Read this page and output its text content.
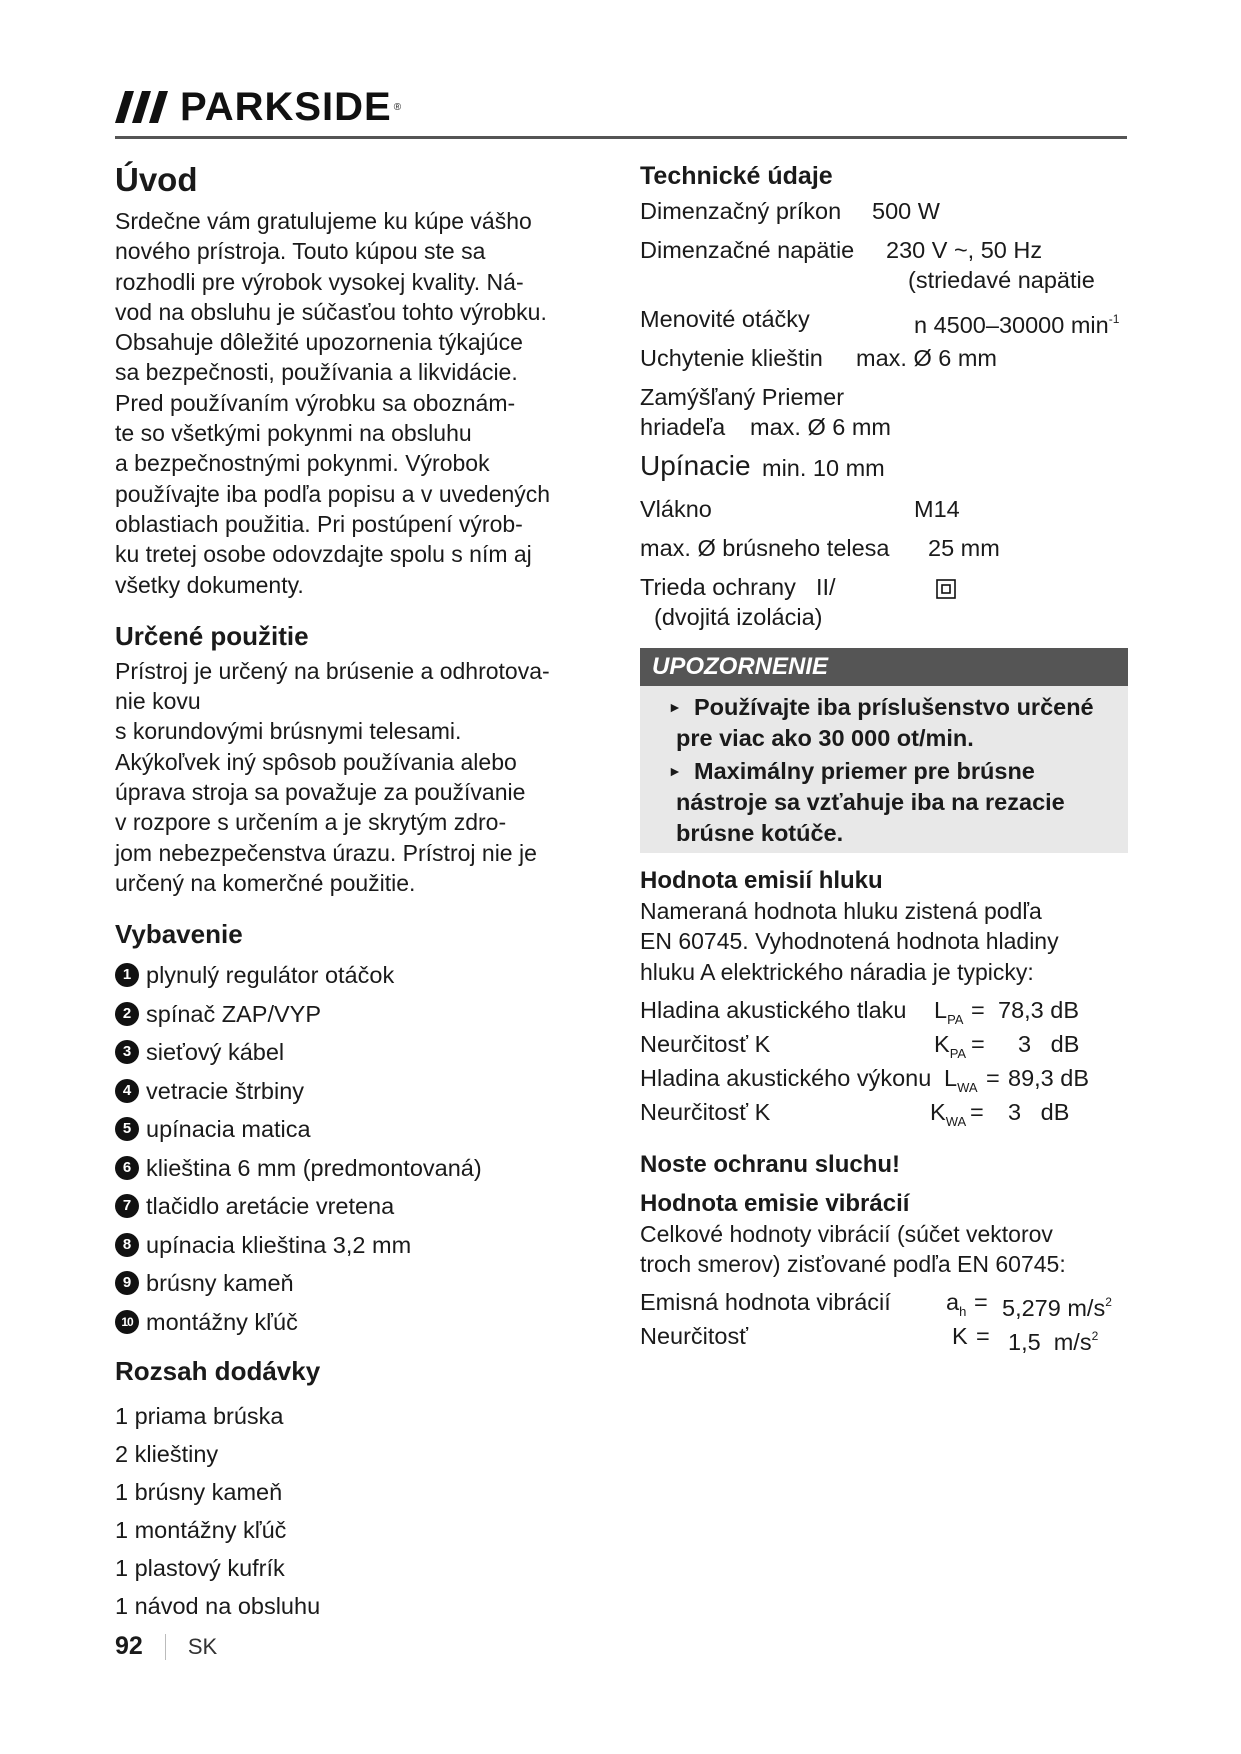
PARKSIDE ®
Úvod
Srdečne vám gratulujeme ku kúpe vášho
nového prístroja. Touto kúpou ste sa
rozhodli pre výrobok vysokej kvality. Ná-
vod na obsluhu je súčasťou tohto výrobku.
Obsahuje dôležité upozornenia týkajúce
sa bezpečnosti, používania a likvidácie.
Pred používaním výrobku sa oboznám-
te so všetkými pokynmi na obsluhu
a bezpečnostnými pokynmi. Výrobok
používajte iba podľa popisu a v uvedených
oblastiach použitia. Pri postúpení výrob-
ku tretej osobe odovzdajte spolu s ním aj
všetky dokumenty.
Určené použitie
Prístroj je určený na brúsenie a odhrotova-
nie kovu
s korundovými brúsnymi telesami.
Akýkoľvek iný spôsob používania alebo
úprava stroja sa považuje za používanie
v rozpore s určením a je skrytým zdro-
jom nebezpečenstva úrazu. Prístroj nie je
určený na komerčné použitie.
Vybavenie
1 plynulý regulátor otáčok
2 spínač ZAP/VYP
3 sieťový kábel
4 vetracie štrbiny
5 upínacia matica
6 klieština 6 mm (predmontovaná)
7 tlačidlo aretácie vretena
8 upínacia klieština 3,2 mm
9 brúsny kameň
10 montážny kľúč
Rozsah dodávky
1 priama brúska
2 klieštiny
1 brúsny kameň
1 montážny kľúč
1 plastový kufrík
1 návod na obsluhu
Technické údaje
Dimenzačný príkon 500 W
Dimenzačné napätie 230 V ~, 50 Hz
(striedavé napätie
Menovité otáčky	n 4500–30000 $\min^{-1}$
Uchytenie klieštin max. Ø 6 mm
Zamýšľaný Priemer
hriadeľa max. Ø 6 mm
Upínacie min. 10 mm
Vlákno	M14
max. Ø brúsneho telesa 25 mm
Trieda ochrany II/
(dvojitá izolácia)
UPOZORNENIE
► Používajte iba príslušenstvo určené
pre viac ako 30 000 ot/min.
► Maximálny priemer pre brúsne
nástroje sa vzťahuje iba na rezacie
brúsne kotúče.
Hodnota emisií hluku
Nameraná hodnota hluku zistená podľa
EN 60745. Vyhodnotená hodnota hladiny
hluku A elektrického náradia je typicky:
Hladina akustického tlaku $L_{PA} = 78,3$ dB
Neurčitosť K	$K_{PA} = 3$   dB
Hladina akustického výkonu $L_{WA} = 89,3$ dB
Neurčitosť K	$K_{WA} = 3$   dB
Noste ochranu sluchu!
Hodnota emisie vibrácií
Celkové hodnoty vibrácií (súčet vektorov
troch smerov) zisťované podľa EN 60745:
Emisná hodnota vibrácií $a_h = 5,279$ $m/s^2$
Neurčitosť	K = 1,5  $m/s^2$
92 SK
